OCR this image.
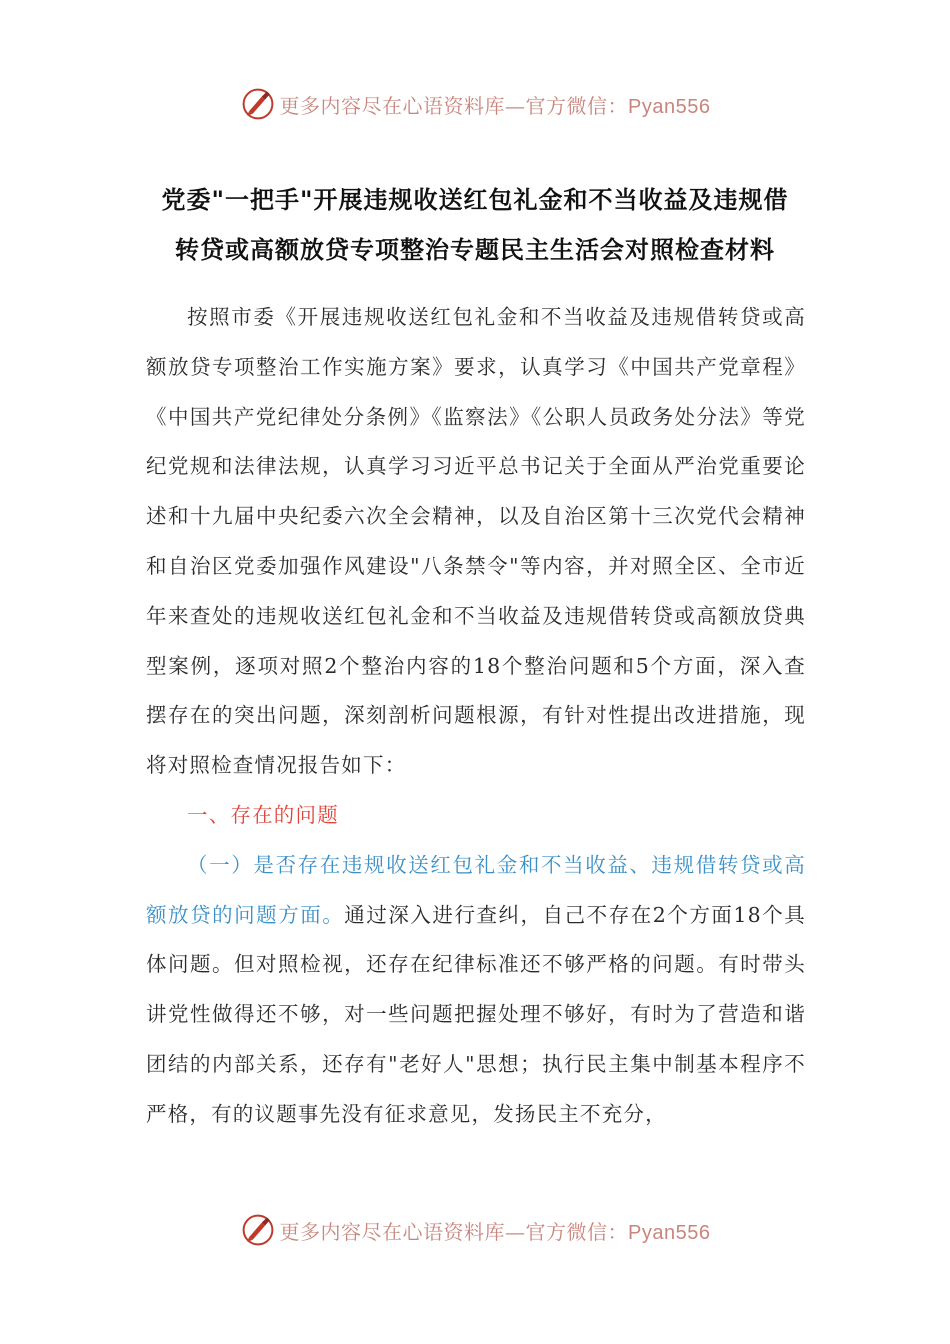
更多内容尽在心语资料库—官方微信：Pyan556
党委"一把手"开展违规收送红包礼金和不当收益及违规借
转贷或高额放贷专项整治专题民主生活会对照检查材料

按照市委《开展违规收送红包礼金和不当收益及违规借转贷或高额放贷专项整治工作实施方案》要求，认真学习《中国共产党章程》《中国共产党纪律处分条例》《监察法》《公职人员政务处分法》等党纪党规和法律法规，认真学习习近平总书记关于全面从严治党重要论述和十九届中央纪委六次全会精神，以及自治区第十三次党代会精神和自治区党委加强作风建设"八条禁令"等内容，并对照全区、全市近年来查处的违规收送红包礼金和不当收益及违规借转贷或高额放贷典型案例，逐项对照2个整治内容的18个整治问题和5个方面，深入查摆存在的突出问题，深刻剖析问题根源，有针对性提出改进措施，现将对照检查情况报告如下：

一、存在的问题

（一）是否存在违规收送红包礼金和不当收益、违规借转贷或高额放贷的问题方面。通过深入进行查纠，自己不存在2个方面18个具体问题。但对照检视，还存在纪律标准还不够严格的问题。有时带头讲党性做得还不够，对一些问题把握处理不够好，有时为了营造和谐团结的内部关系，还存有"老好人"思想；执行民主集中制基本程序不严格，有的议题事先没有征求意见，发扬民主不充分，

更多内容尽在心语资料库—官方微信：Pyan556
